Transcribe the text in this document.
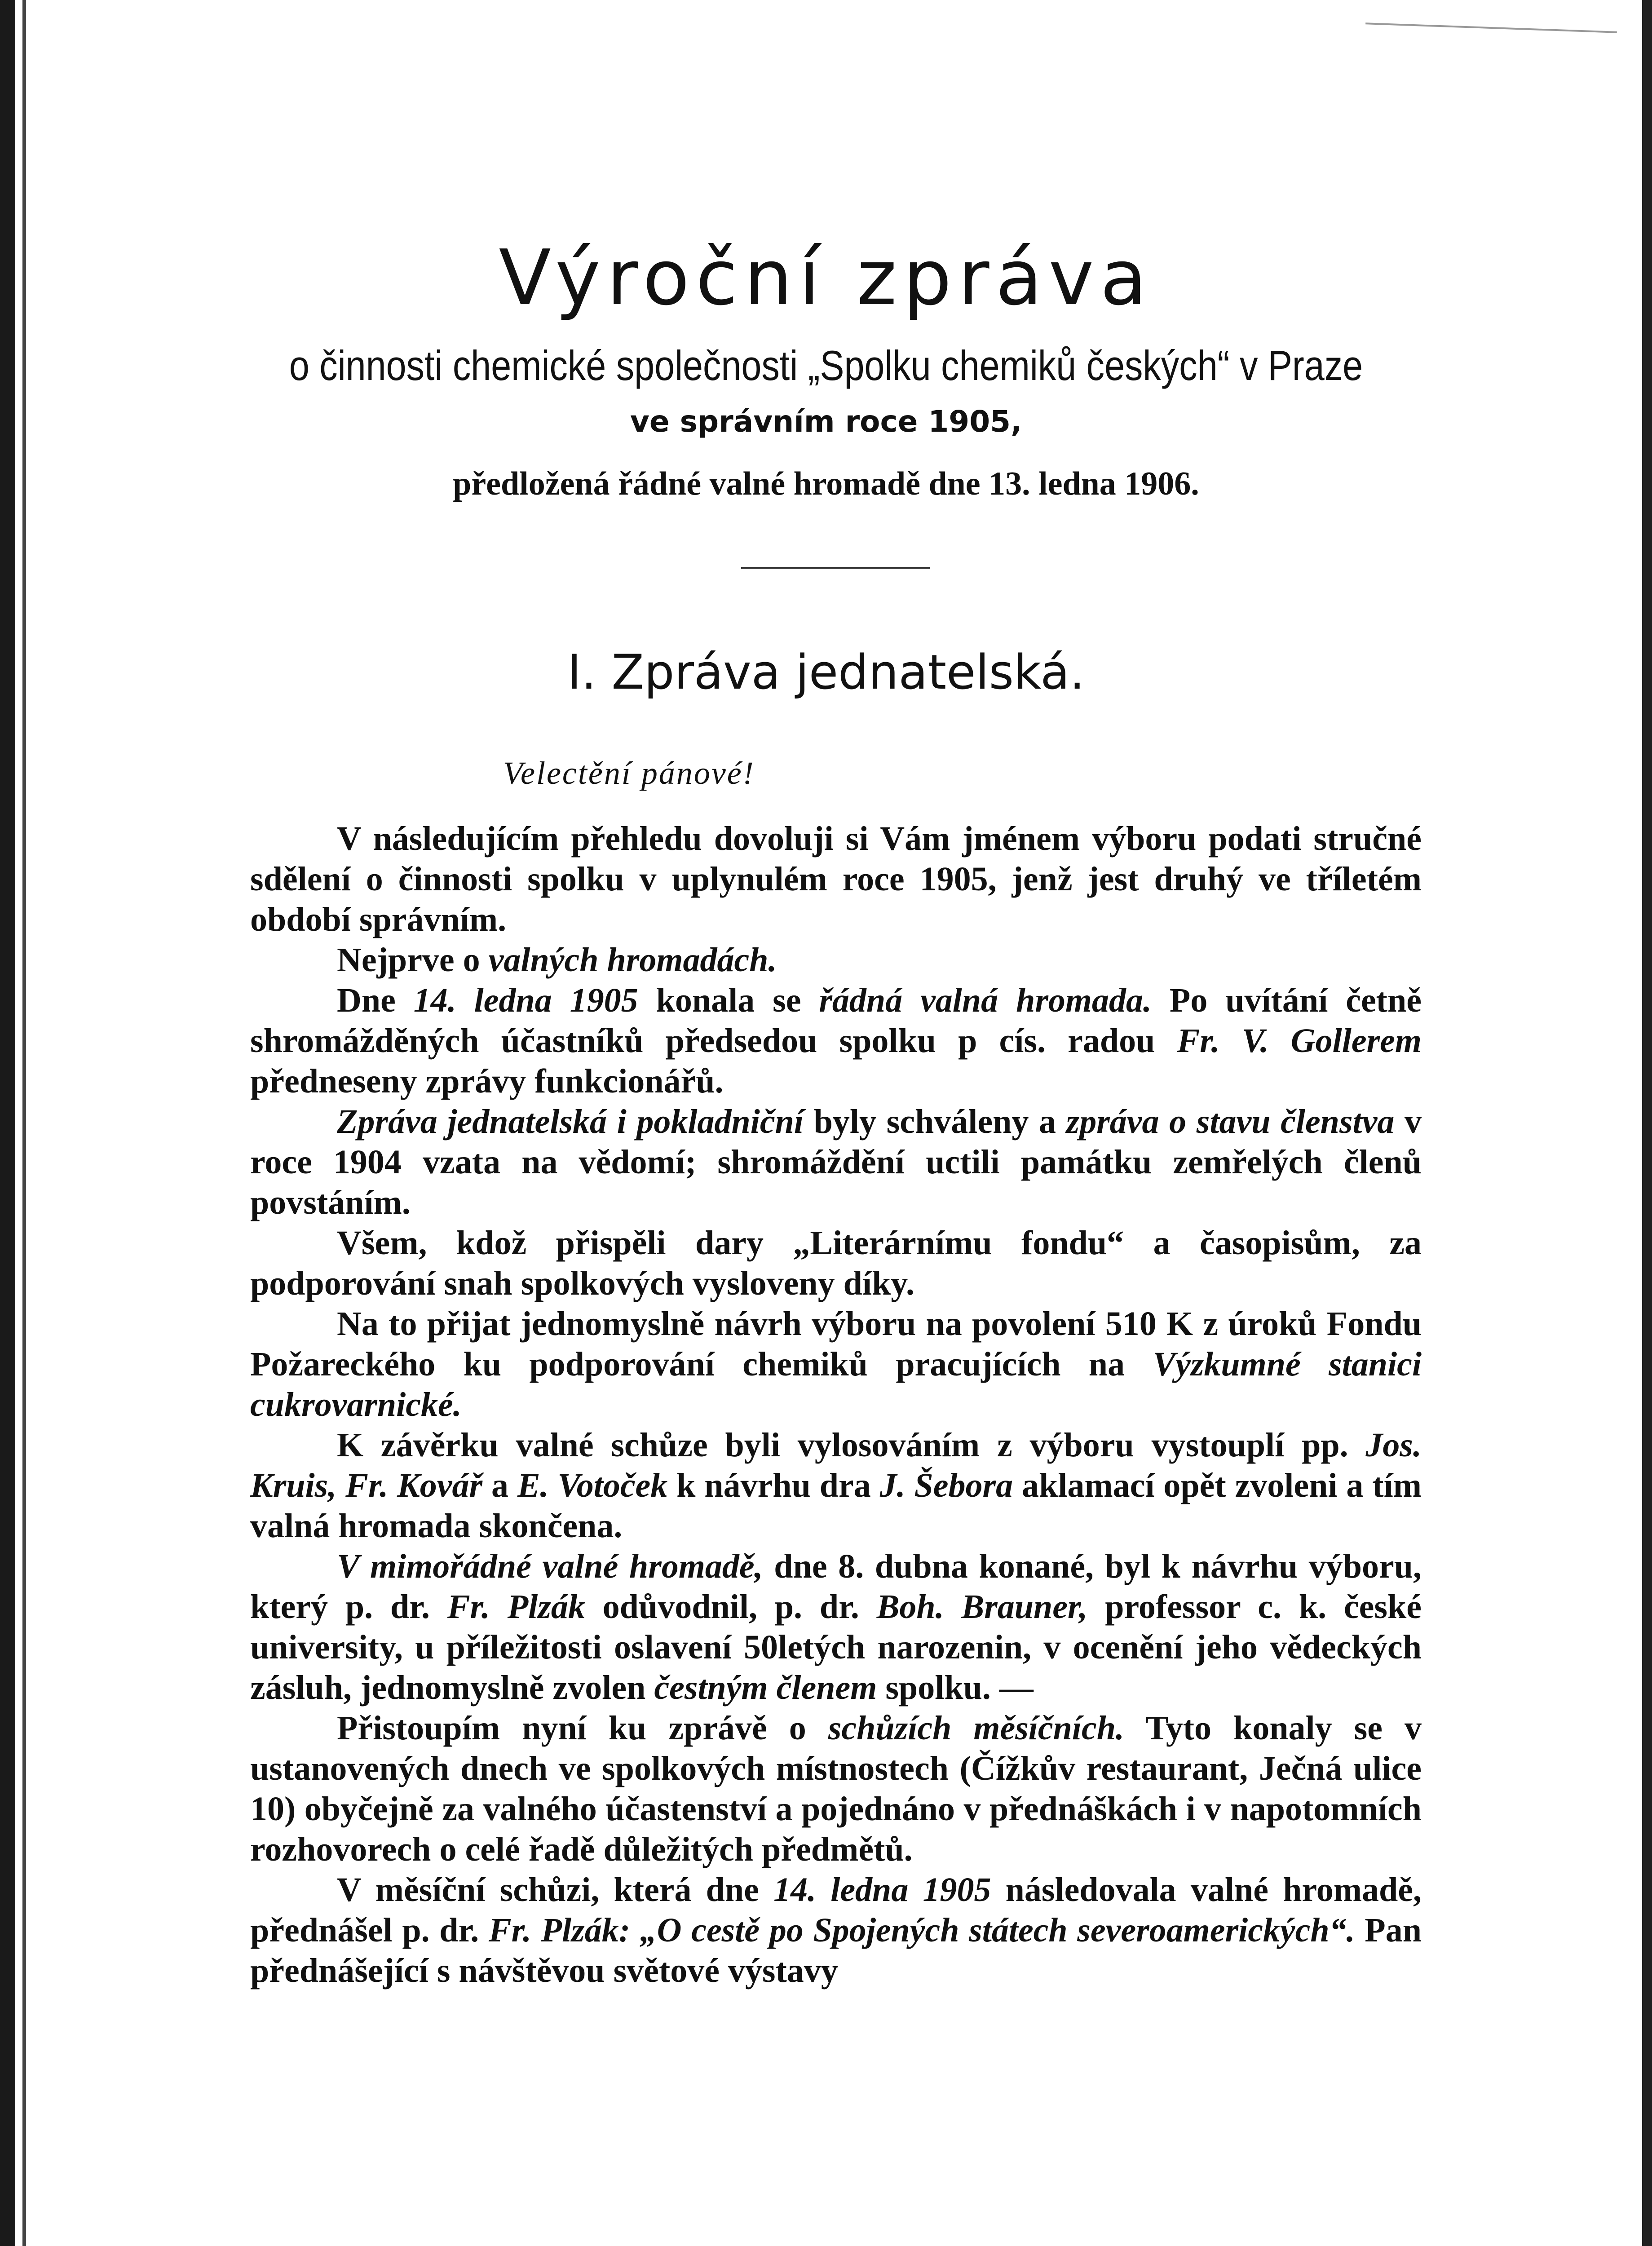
Výroční zpráva
o činnosti chemické společnosti „Spolku chemiků českých“ v Praze
ve správním roce 1905,
předložená řádné valné hromadě dne 13. ledna 1906.
I. Zpráva jednatelská.
Velectění pánové!

V následujícím přehledu dovoluji si Vám jménem výboru podati stručné sdělení o činnosti spolku v uplynulém roce 1905, jenž jest druhý ve tříletém období správním.

Nejprve o valných hromadách.

Dne 14. ledna 1905 konala se řádná valná hromada. Po uvítání četně shromážděných účastníků předsedou spolku p cís. radou Fr. V. Gollerem předneseny zprávy funkcionářů.

Zpráva jednatelská i pokladniční byly schváleny a zpráva o stavu členstva v roce 1904 vzata na vědomí; shromáždění uctili památku zemřelých členů povstáním.

Všem, kdož přispěli dary „Literárnímu fondu“ a časopisům, za podporování snah spolkových vysloveny díky.

Na to přijat jednomyslně návrh výboru na povolení 510 K z úroků Fondu Požareckého ku podporování chemiků pracujících na Výzkumné stanici cukrovarnické.

K závěrku valné schůze byli vylosováním z výboru vystouplí pp. Jos. Kruis, Fr. Kovář a E. Votoček k návrhu dra J. Šebora aklamací opět zvoleni a tím valná hromada skončena.

V mimořádné valné hromadě, dne 8. dubna konané, byl k návrhu výboru, který p. dr. Fr. Plzák odůvodnil, p. dr. Boh. Brauner, professor c. k. české university, u příležitosti oslavení 50letých narozenin, v ocenění jeho vědeckých zásluh, jednomyslně zvolen čestným členem spolku. —

Přistoupím nyní ku zprávě o schůzích měsíčních. Tyto konaly se v ustanovených dnech ve spolkových místnostech (Čížkův restaurant, Ječná ulice 10) obyčejně za valného účastenství a pojednáno v přednáškách i v napotomních rozhovorech o celé řadě důležitých předmětů.

V měsíční schůzi, která dne 14. ledna 1905 následovala valné hromadě, přednášel p. dr. Fr. Plzák: „O cestě po Spojených státech severoamerických“. Pan přednášející s návštěvou světové výstavy
